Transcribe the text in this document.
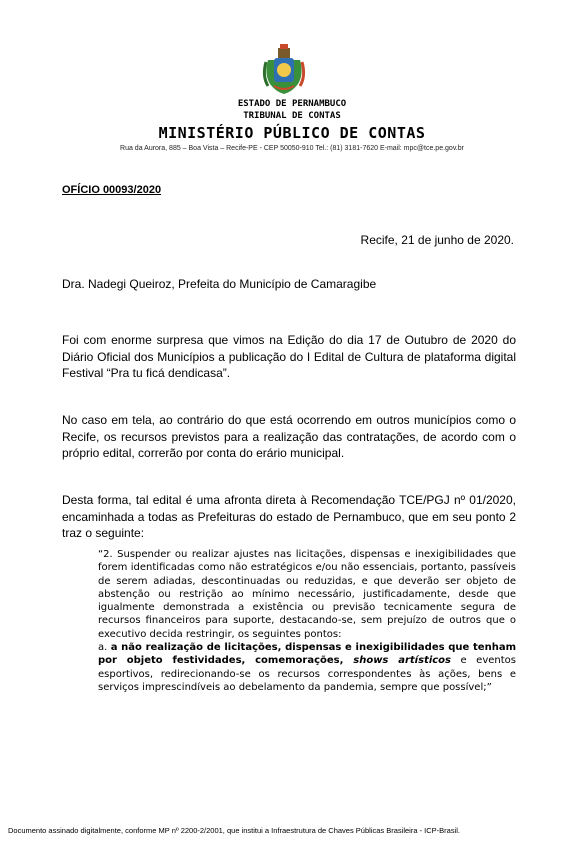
ESTADO DE PERNAMBUCO
TRIBUNAL DE CONTAS
MINISTÉRIO PÚBLICO DE CONTAS
Rua da Aurora, 885 – Boa Vista – Recife-PE - CEP 50050-910 Tel.: (81) 3181-7620 E-mail: mpc@tce.pe.gov.br
OFÍCIO 00093/2020
Recife, 21 de junho de 2020.
Dra. Nadegi Queiroz, Prefeita do Município de Camaragibe
Foi com enorme surpresa que vimos na Edição do dia 17 de Outubro de 2020 do Diário Oficial dos Municípios a publicação do I Edital de Cultura de plataforma digital Festival “Pra tu ficá dendicasa”.
No caso em tela, ao contrário do que está ocorrendo em outros municípios como o Recife, os recursos previstos para a realização das contratações, de acordo com o próprio edital, correrão por conta do erário municipal.
Desta forma, tal edital é uma afronta direta à Recomendação TCE/PGJ nº 01/2020, encaminhada a todas as Prefeituras do estado de Pernambuco, que em seu ponto 2 traz o seguinte:
“2. Suspender ou realizar ajustes nas licitações, dispensas e inexigibilidades que forem identificadas como não estratégicos e/ou não essenciais, portanto, passíveis de serem adiadas, descontinuadas ou reduzidas, e que deverão ser objeto de abstenção ou restrição ao mínimo necessário, justificadamente, desde que igualmente demonstrada a existência ou previsão tecnicamente segura de recursos financeiros para suporte, destacando-se, sem prejuízo de outros que o executivo decida restringir, os seguintes pontos:
a. a não realização de licitações, dispensas e inexigibilidades que tenham por objeto festividades, comemorações, shows artísticos e eventos esportivos, redirecionando-se os recursos correspondentes às ações, bens e serviços imprescindíveis ao debelamento da pandemia, sempre que possível;”
Documento assinado digitalmente, conforme MP nº 2200-2/2001, que institui a Infraestrutura de Chaves Públicas Brasileira - ICP-Brasil.
